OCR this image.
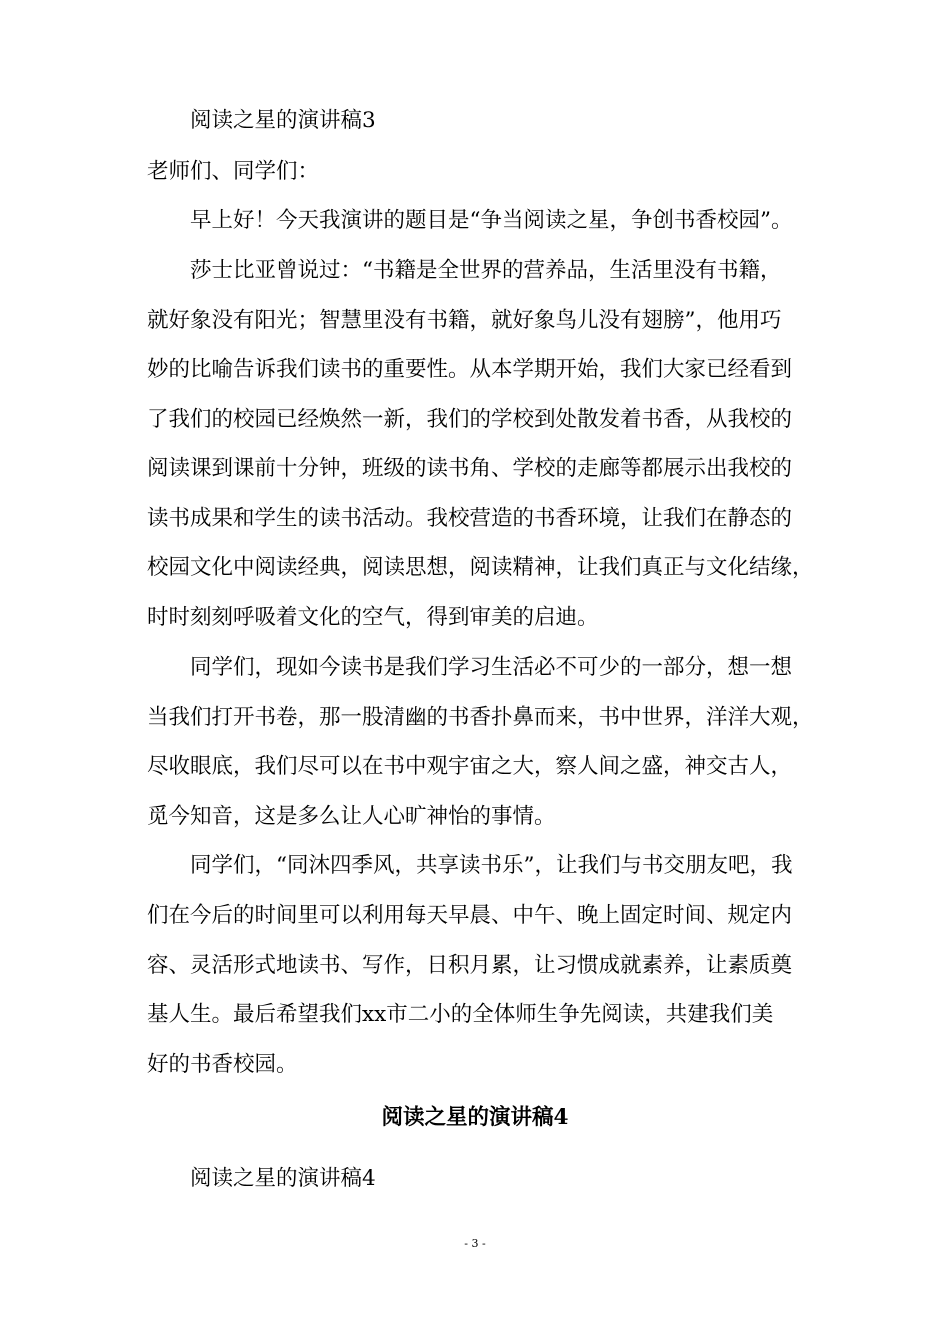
阅读之星的演讲稿3
老师们、同学们：
早上好！今天我演讲的题目是“争当阅读之星，争创书香校园”。
莎士比亚曾说过：“书籍是全世界的营养品，生活里没有书籍，
就好象没有阳光；智慧里没有书籍，就好象鸟儿没有翅膀”，他用巧
妙的比喻告诉我们读书的重要性。从本学期开始，我们大家已经看到
了我们的校园已经焕然一新，我们的学校到处散发着书香，从我校的
阅读课到课前十分钟，班级的读书角、学校的走廊等都展示出我校的
读书成果和学生的读书活动。我校营造的书香环境，让我们在静态的
校园文化中阅读经典，阅读思想，阅读精神，让我们真正与文化结缘，
时时刻刻呼吸着文化的空气，得到审美的启迪。
同学们，现如今读书是我们学习生活必不可少的一部分，想一想
当我们打开书卷，那一股清幽的书香扑鼻而来，书中世界，洋洋大观，
尽收眼底，我们尽可以在书中观宇宙之大，察人间之盛，神交古人，
觅今知音，这是多么让人心旷神怡的事情。
同学们，“同沐四季风，共享读书乐”，让我们与书交朋友吧，我
们在今后的时间里可以利用每天早晨、中午、晚上固定时间、规定内
容、灵活形式地读书、写作，日积月累，让习惯成就素养，让素质奠
基人生。最后希望我们xx市二小的全体师生争先阅读，共建我们美
好的书香校园。
阅读之星的演讲稿4
阅读之星的演讲稿4
- 3 -
